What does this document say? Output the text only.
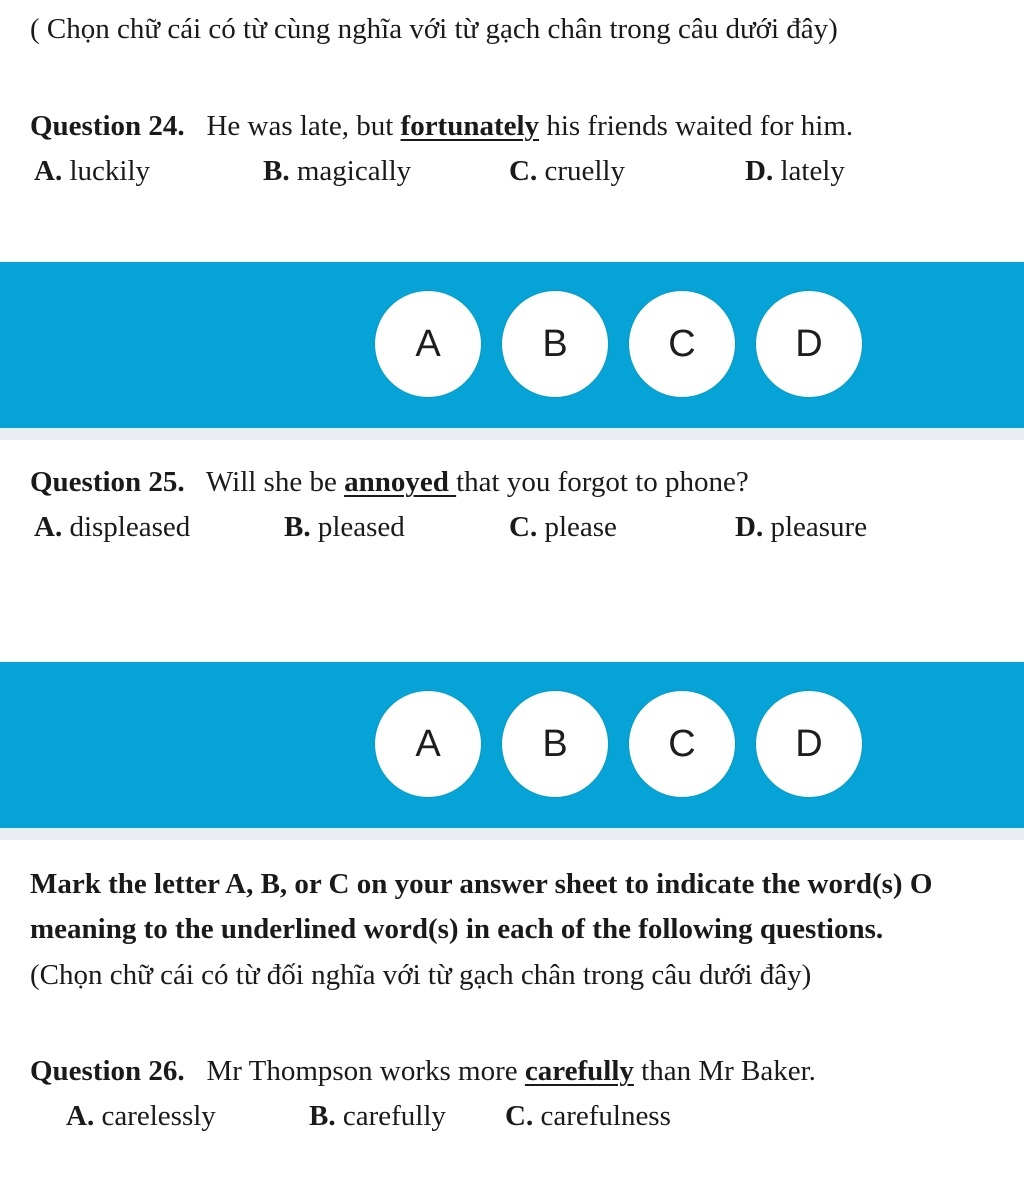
( Chọn chữ cái có từ cùng nghĩa với từ gạch chân trong câu dưới đây)
Question 24. He was late, but fortunately his friends waited for him.
A. luckily	B. magically	C. cruelly	D. lately
A	B	C	D
Question 25. Will she be annoyed that you forgot to phone?
A. displeased	B. pleased	C. please	D. pleasure
A	B	C	D
Mark the letter A, B, or C on your answer sheet to indicate the word(s) O
meaning to the underlined word(s) in each of the following questions.
(Chọn chữ cái có từ đối nghĩa với từ gạch chân trong câu dưới đây)
Question 26. Mr Thompson works more carefully than Mr Baker.
A. carelessly	B. carefully C. carefulness
